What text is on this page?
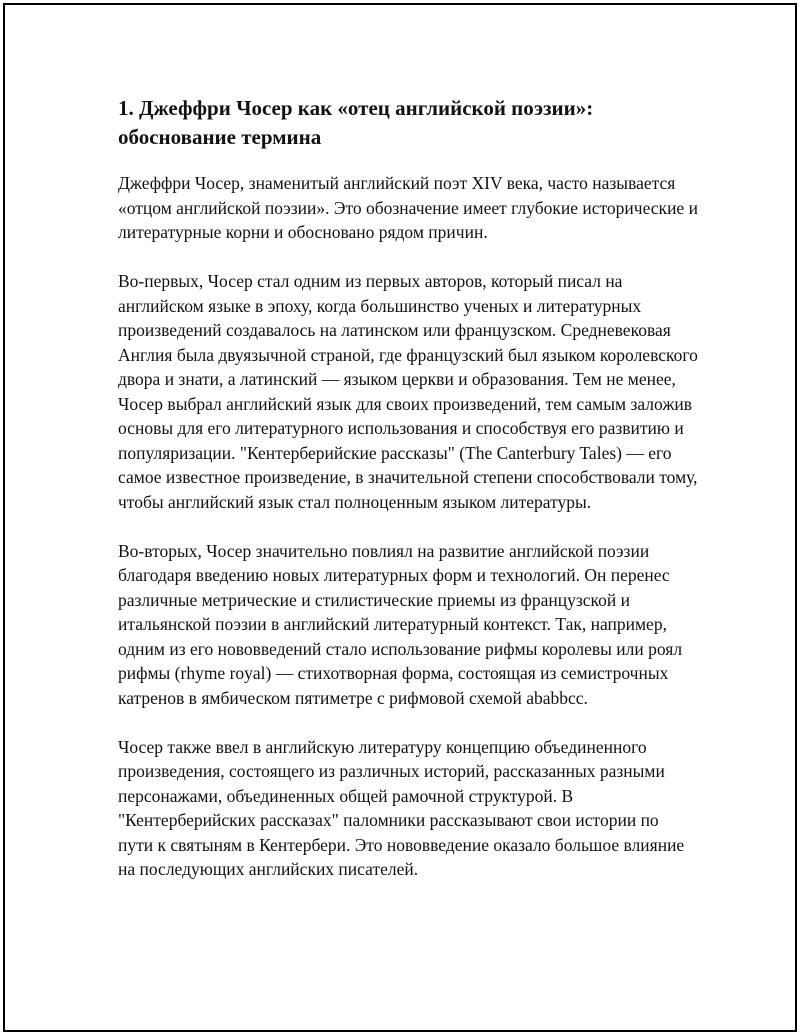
1. Джеффри Чосер как «отец английской поэзии»: обоснование термина

Джеффри Чосер, знаменитый английский поэт XIV века, часто называется «отцом английской поэзии». Это обозначение имеет глубокие исторические и литературные корни и обосновано рядом причин.

Во-первых, Чосер стал одним из первых авторов, который писал на английском языке в эпоху, когда большинство ученых и литературных произведений создавалось на латинском или французском. Средневековая Англия была двуязычной страной, где французский был языком королевского двора и знати, а латинский — языком церкви и образования. Тем не менее, Чосер выбрал английский язык для своих произведений, тем самым заложив основы для его литературного использования и способствуя его развитию и популяризации. "Кентерберийские рассказы" (The Canterbury Tales) — его самое известное произведение, в значительной степени способствовали тому, чтобы английский язык стал полноценным языком литературы.

Во-вторых, Чосер значительно повлиял на развитие английской поэзии благодаря введению новых литературных форм и технологий. Он перенес различные метрические и стилистические приемы из французской и итальянской поэзии в английский литературный контекст. Так, например, одним из его нововведений стало использование рифмы королевы или роял рифмы (rhyme royal) — стихотворная форма, состоящая из семистрочных катренов в ямбическом пятиметре с рифмовой схемой ababbcc.

Чосер также ввел в английскую литературу концепцию объединенного произведения, состоящего из различных историй, рассказанных разными персонажами, объединенных общей рамочной структурой. В "Кентерберийских рассказах" паломники рассказывают свои истории по пути к святыням в Кентербери. Это нововведение оказало большое влияние на последующих английских писателей.
